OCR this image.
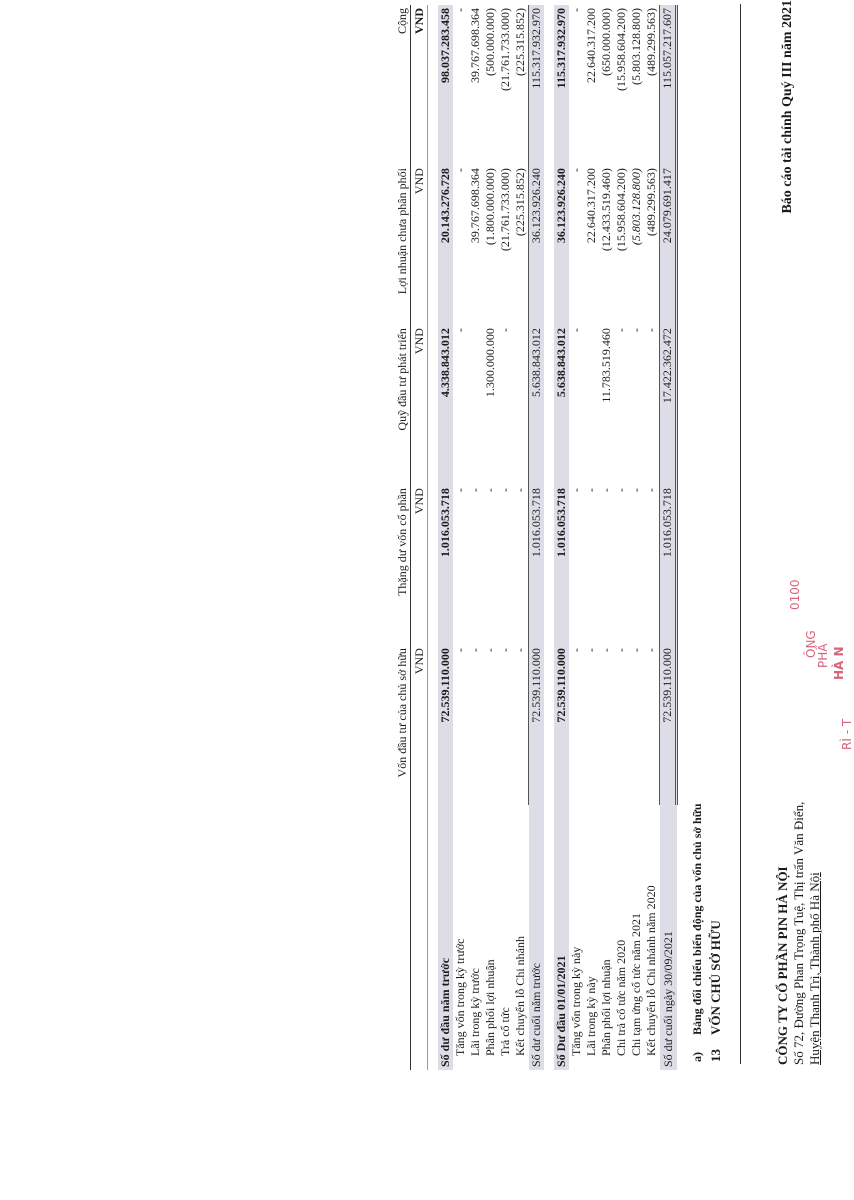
CÔNG TY CỔ PHẦN PIN HÀ NỘI Số 72, Đường Phan Trọng Tuệ, Thị trấn Văn Điển, Huyện Thanh Trì, Thành phố Hà Nội
Báo cáo tài chính Quý III năm 2021
13 VỐN CHỦ SỞ HỮU
a) Bảng đối chiếu biến động của vốn chủ sở hữu
0100
ÔNG
PHẦ HÀ N
RÌ - T
	Vốn đầu tư của chủ sở hữu	Thặng dư vốn cổ phần	Quỹ đầu tư phát triển	Lợi nhuận chưa phân phối	Cộng
	VND	VND	VND	VND	VND

Số dư đầu năm trước	72.539.110.000	1.016.053.718	4.338.843.012	20.143.276.728	98.037.283.458
Tăng vốn trong kỳ trước	-	-	-	-	-
Lãi trong kỳ trước	-	-		39.767.698.364	39.767.698.364
Phân phối lợi nhuận	-	-	1.300.000.000	(1.800.000.000)	(500.000.000)
Trả cổ tức	-	-	-	(21.761.733.000)	(21.761.733.000)
Kết chuyển lỗ Chi nhánh	-	-		(225.315.852)	(225.315.852)
Số dư cuối năm trước	72.539.110.000	1.016.053.718	5.638.843.012	36.123.926.240	115.317.932.970

Số Dư đầu 01/01/2021	72.539.110.000	1.016.053.718	5.638.843.012	36.123.926.240	115.317.932.970
Tăng vốn trong kỳ này	-	-	-	-	-
Lãi trong kỳ này	-	-		22.640.317.200	22.640.317.200
Phân phối lợi nhuận	-	-	11.783.519.460	(12.433.519.460)	(650.000.000)
Chi trả cổ tức năm 2020	-	-	-	(15.958.604.200)	(15.958.604.200)
Chi tạm ứng cổ tức năm 2021	-	-	-	(5.803.128.800)	(5.803.128.800)
Kết chuyển lỗ Chi nhánh năm 2020	-	-	-	(489.299.563)	(489.299.563)
Số dư cuối ngày 30/09/2021	72.539.110.000	1.016.053.718	17.422.362.472	24.079.691.417	115.057.217.607
